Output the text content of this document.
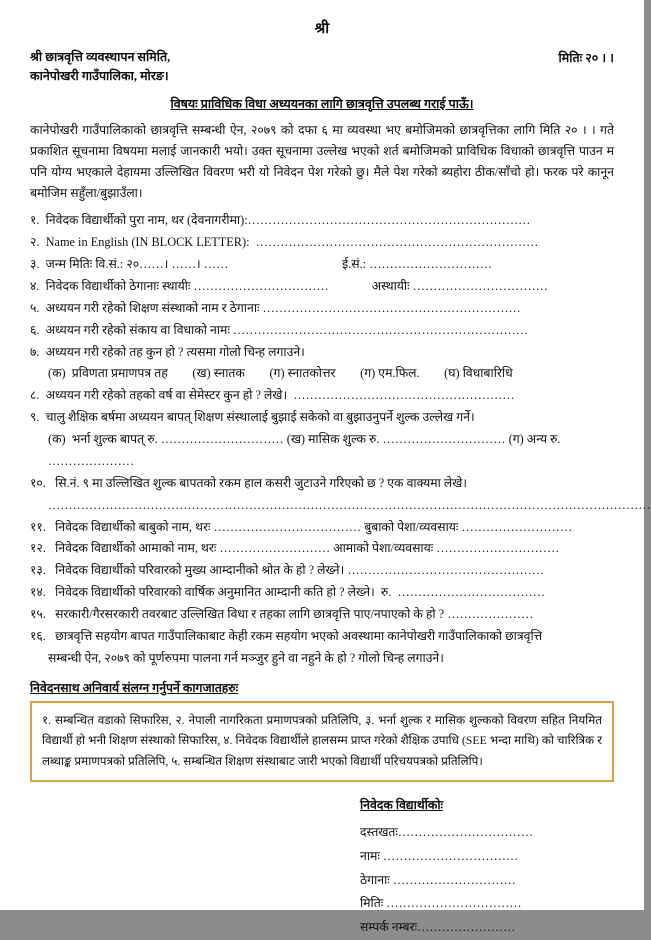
श्री
श्री छात्रवृत्ति व्यवस्थापन समिति,
कानेपोखरी गाउँपालिका, मोरङ।
मितिः २० । ।
विषयः प्राविधिक विधा अध्ययनका लागि छात्रवृत्ति उपलब्ध गराई पाऊँ।
कानेपोखरी गाउँपालिकाको छात्रवृत्ति सम्बन्धी ऐन, २०७९ को दफा ६ मा व्यवस्था भए बमोजिमको छात्रवृत्तिका लागि मिति २० । । गते प्रकाशित सूचनामा विषयमा मलाई जानकारी भयो। उक्त सूचनामा उल्लेख भएको शर्त बमोजिमको प्राविधिक विधाको छात्रवृत्ति पाउन म पनि योग्य भएकाले देहायमा उल्लिखित विवरण भरी यो निवेदन पेश गरेको छु। मैले पेश गरेको ब्यहोरा ठीक/साँचो हो। फरक परे कानून बमोजिम सहुँला/बुझाउँला।
१.  निवेदक विद्यार्थीको पुरा नाम, थर (देवनागरीमा):……………………………………………………………
२.  Name in English (IN BLOCK LETTER):  ……………………………………………………………
३.  जन्म मितिः वि.सं.: २०……। ……। ……                                     ई.सं.: …………………………
४.  निवेदक विद्यार्थीको ठेगानाः स्थायीः ……………………………              अस्थायीः ……………………………
५.  अध्ययन गरी रहेको शिक्षण संस्थाको नाम र ठेगानाः ………………………………………………………
६.  अध्ययन गरी रहेको संकाय वा विधाको नामः ………………………………………………………………
७.  अध्ययन गरी रहेको तह कुन हो ? त्यसमा गोलो चिन्ह लगाउने।
(क)  प्रविणता प्रमाणपत्र तह        (ख) स्नातक        (ग) स्नातकोत्तर        (ग) एम.फिल.        (घ) विधाबारिधि
८.  अध्ययन गरी रहेको तहको वर्ष वा सेमेस्टर कुन हो ? लेखे।  ………………………………………………
९.  चालु शैक्षिक बर्षमा अध्ययन बापत् शिक्षण संस्थालाई बुझाई सकेको वा बुझाउनुपर्ने शुल्क उल्लेख गर्ने।
(क)  भर्ना शुल्क बापत् रु. ………………………… (ख) मासिक शुल्क रु. ………………………… (ग) अन्य रु. …………………
१०.   सि.नं. ९ मा उल्लिखित शुल्क बापतको रकम हाल कसरी जुटाउने गरिएको छ ? एक वाक्यमा लेखे।
…………………………………………………………………………………………………………………………………
११.   निवेदक विद्यार्थीको बाबुको नाम, थरः ……………………………… बुबाको पेशा/व्यवसायः ………………………
१२.   निवेदक विद्यार्थीको आमाको नाम, थरः ……………………… आमाको पेशा/व्यवसायः …………………………
१३.   निवेदक विद्यार्थीको परिवारको मुख्य आम्दानीको श्रोत के हो ? लेख्ने। …………………………………………
१४.   निवेदक विद्यार्थीको परिवारको वार्षिक अनुमानित आम्दानी कति हो ? लेख्ने।  रु.  ………………………………
१५.   सरकारी/गैरसरकारी तवरबाट उल्लिखित विधा र तहका लागि छात्रवृत्ति पाए/नपाएको के हो ? …………………
१६.   छात्रवृत्ति सहयोग बापत गाउँपालिकाबाट केही रकम सहयोग भएको अवस्थामा कानेपोखरी गाउँपालिकाको छात्रवृत्ति
सम्बन्धी ऐन, २०७९ को पूर्णरुपमा पालना गर्न मञ्जुर हुने वा नहुने के हो ? गोलो चिन्ह लगाउने।
निवेदनसाथ अनिवार्य संलग्न गर्नुपर्ने कागजातहरुः
१. सम्बन्धित वडाको सिफारिस, २. नेपाली नागरिकता प्रमाणपत्रको प्रतिलिपि, ३. भर्ना शुल्क र मासिक शुल्कको विवरण सहित नियमित विद्यार्थी हो भनी शिक्षण संस्थाको सिफारिस, ४. निवेदक विद्यार्थीले हालसम्म प्राप्त गरेको शैक्षिक उपाधि (SEE भन्दा माथि) को चारित्रिक र लब्धाङ्क प्रमाणपत्रको प्रतिलिपि, ५. सम्बन्धित शिक्षण संस्थाबाट जारी भएको विद्यार्थी परिचयपत्रको प्रतिलिपि।
निवेदक विद्यार्थीकोः
दस्तखतः……………………………
नामः ……………………………
ठेगानाः …………………………
मितिः ……………………………
सम्पर्क नम्बरः……………………
